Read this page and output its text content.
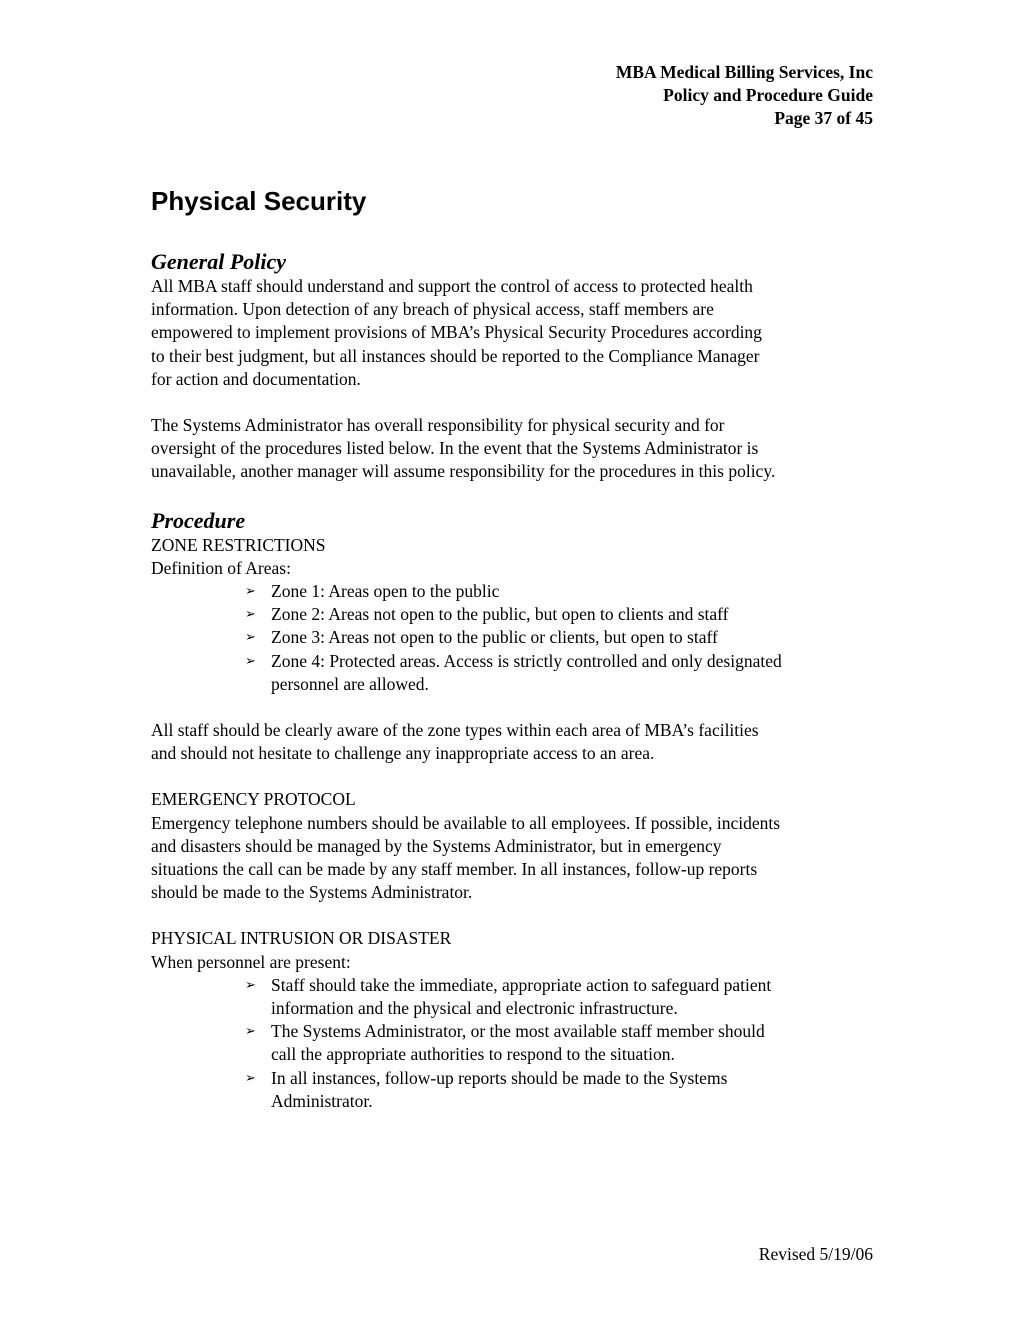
MBA Medical Billing Services, Inc
Policy and Procedure Guide
Page 37 of 45
Physical Security
General Policy

All MBA staff should understand and support the control of access to protected health

information. Upon detection of any breach of physical access, staff members are

empowered to implement provisions of MBA’s Physical Security Procedures according

to their best judgment, but all instances should be reported to the Compliance Manager

for action and documentation.

The Systems Administrator has overall responsibility for physical security and for

oversight of the procedures listed below. In the event that the Systems Administrator is

unavailable, another manager will assume responsibility for the procedures in this policy.

Procedure
ZONE RESTRICTIONS
Definition of Areas:
➢ Zone 1: Areas open to the public
➢ Zone 2: Areas not open to the public, but open to clients and staff
➢ Zone 3: Areas not open to the public or clients, but open to staff
➢ Zone 4: Protected areas. Access is strictly controlled and only designated
personnel are allowed.

All staff should be clearly aware of the zone types within each area of MBA’s facilities

and should not hesitate to challenge any inappropriate access to an area.

EMERGENCY PROTOCOL

Emergency telephone numbers should be available to all employees. If possible, incidents

and disasters should be managed by the Systems Administrator, but in emergency

situations the call can be made by any staff member. In all instances, follow-up reports

should be made to the Systems Administrator.

PHYSICAL INTRUSION OR DISASTER
When personnel are present:
➢ Staff should take the immediate, appropriate action to safeguard patient
information and the physical and electronic infrastructure.
➢ The Systems Administrator, or the most available staff member should
call the appropriate authorities to respond to the situation.
➢ In all instances, follow-up reports should be made to the Systems
Administrator.
Revised 5/19/06
